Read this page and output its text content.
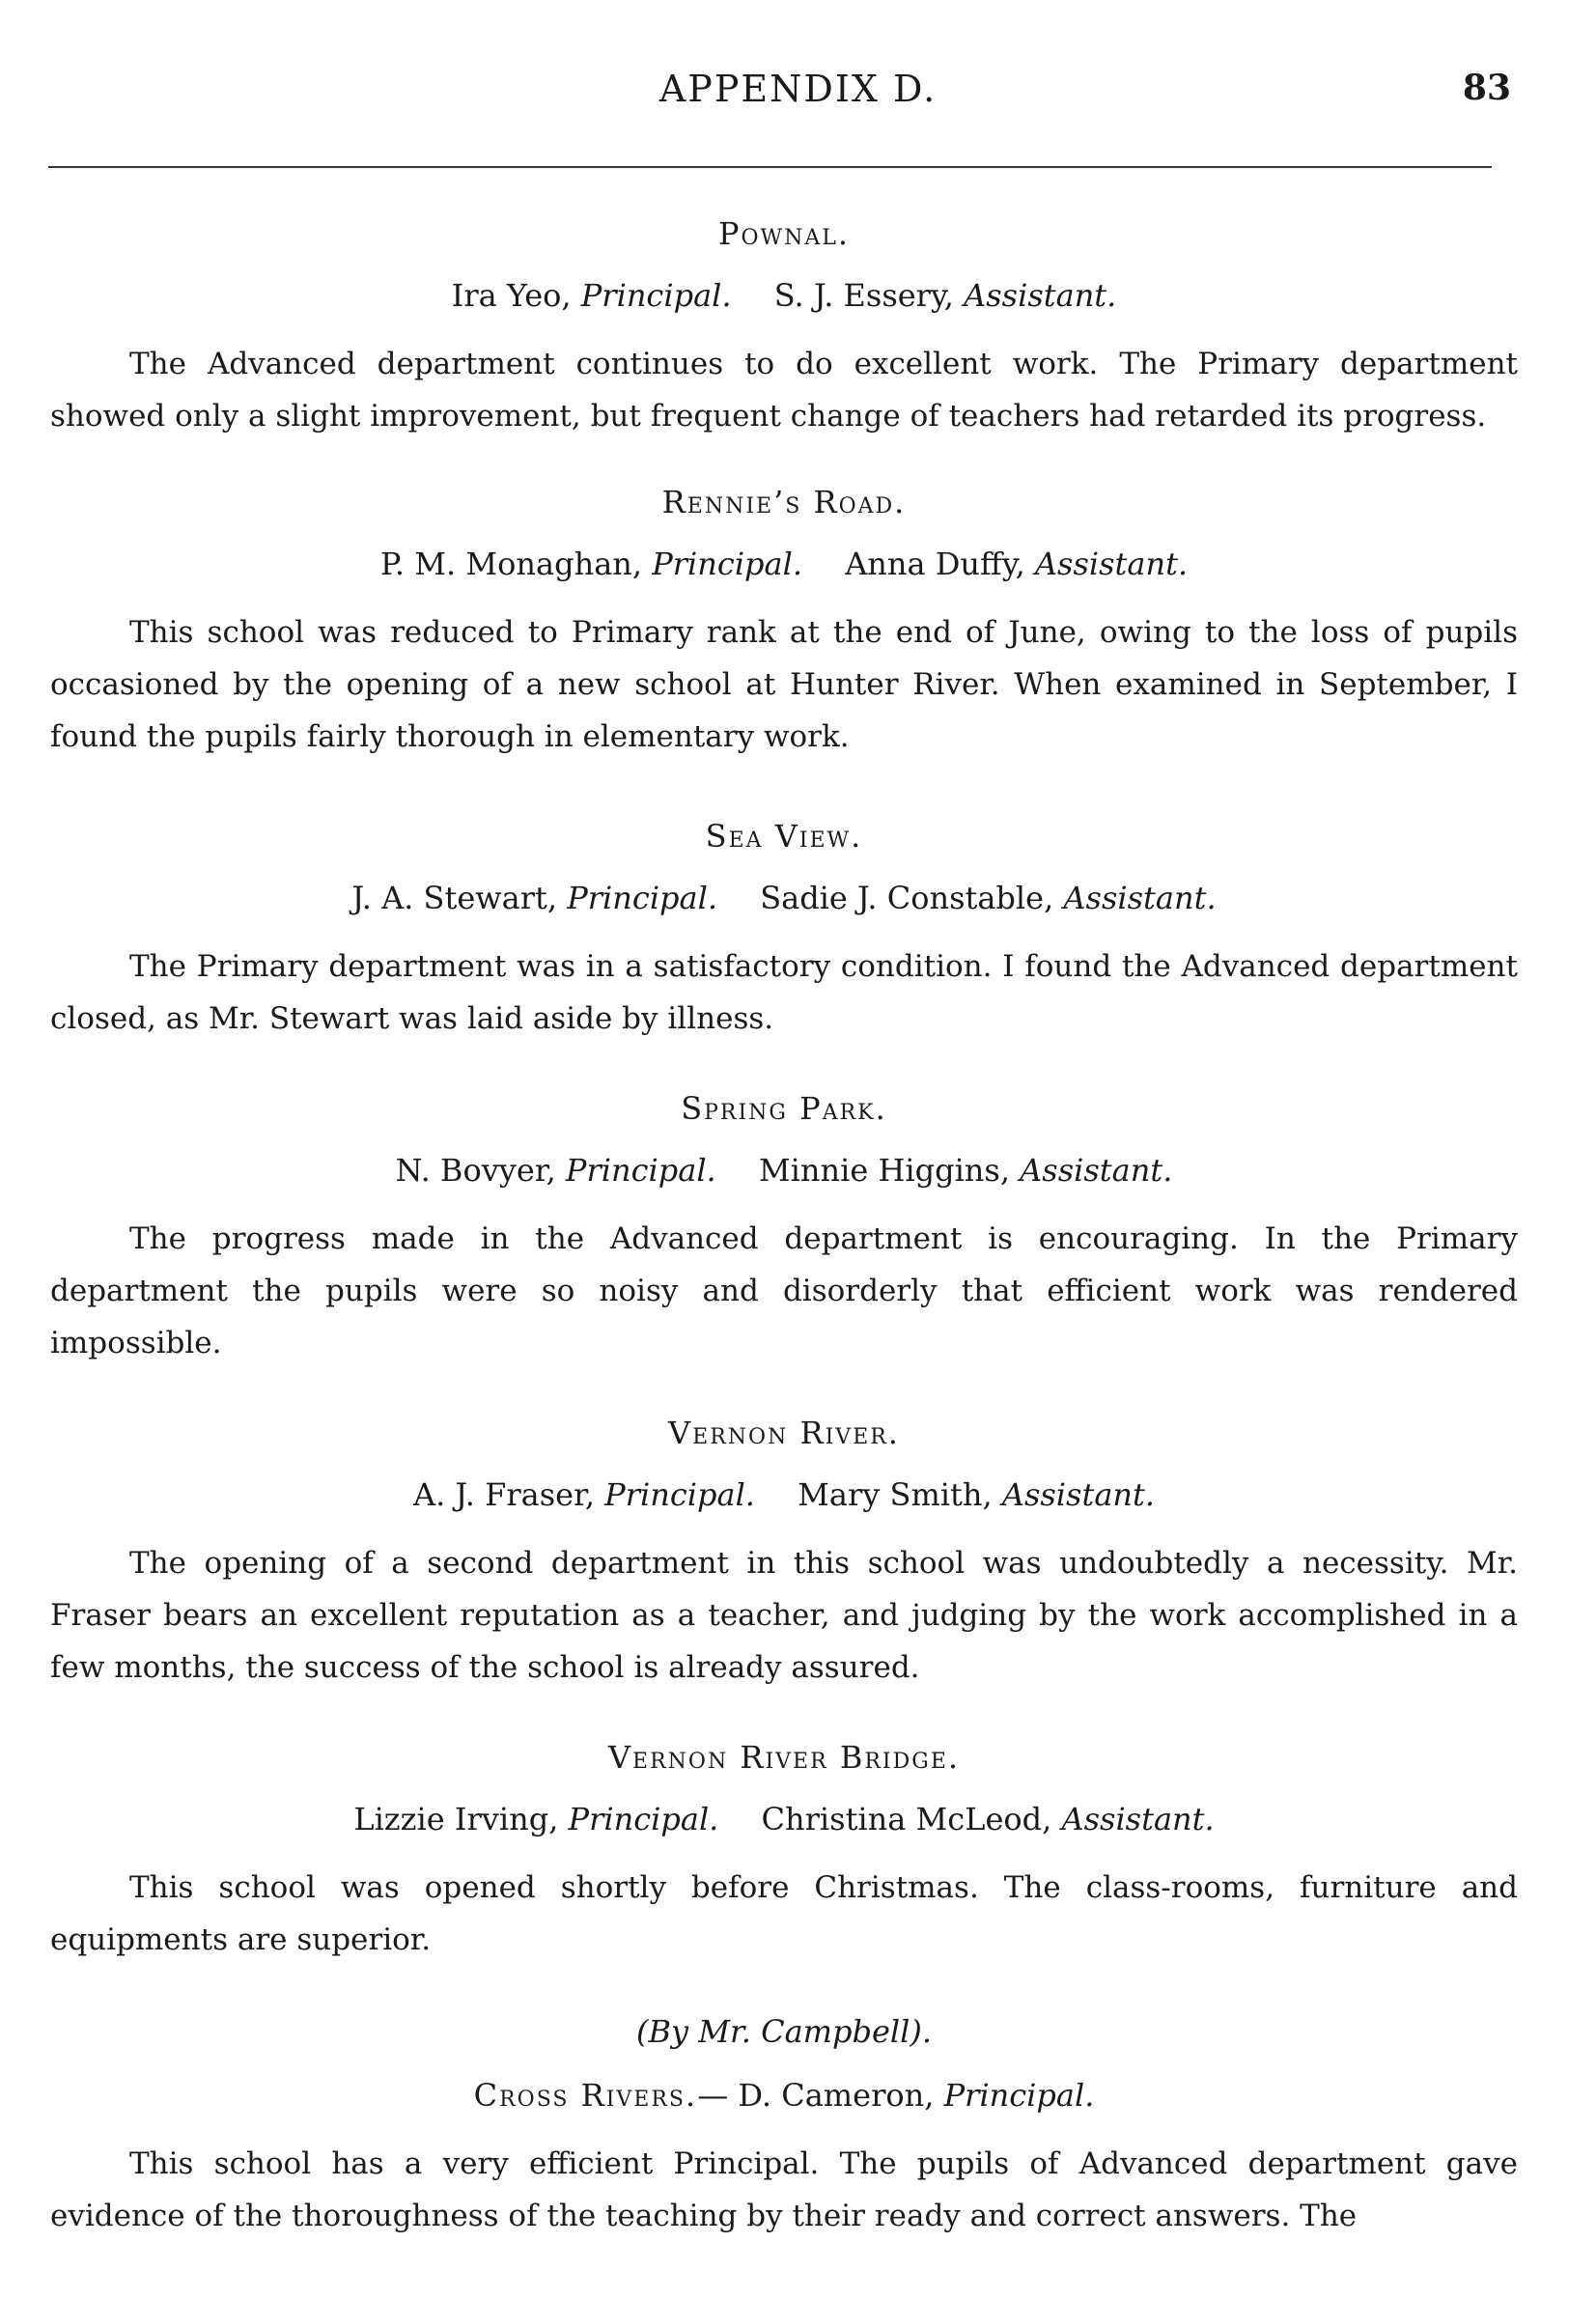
APPENDIX D.	83
Pownal.
Ira Yeo, Principal. S. J. Essery, Assistant.

The Advanced department continues to do excellent work. The Primary department showed only a slight improvement, but frequent change of teachers had retarded its progress.

Rennie’s Road.
P. M. Monaghan, Principal. Anna Duffy, Assistant.

This school was reduced to Primary rank at the end of June, owing to the loss of pupils occasioned by the opening of a new school at Hunter River. When examined in September, I found the pupils fairly thorough in elementary work.

Sea View.
J. A. Stewart, Principal. Sadie J. Constable, Assistant.

The Primary department was in a satisfactory condition. I found the Advanced department closed, as Mr. Stewart was laid aside by illness.

Spring Park.
N. Bovyer, Principal. Minnie Higgins, Assistant.

The progress made in the Advanced department is encouraging. In the Primary department the pupils were so noisy and disorderly that efficient work was rendered impossible.

Vernon River.
A. J. Fraser, Principal. Mary Smith, Assistant.

The opening of a second department in this school was undoubtedly a necessity. Mr. Fraser bears an excellent reputation as a teacher, and judging by the work accomplished in a few months, the success of the school is already assured.

Vernon River Bridge.
Lizzie Irving, Principal. Christina McLeod, Assistant.

This school was opened shortly before Christmas. The class-rooms, furniture and equipments are superior.

(By Mr. Campbell).
Cross Rivers.— D. Cameron, Principal.

This school has a very efficient Principal. The pupils of Advanced department gave evidence of the thoroughness of the teaching by their ready and correct answers. The
